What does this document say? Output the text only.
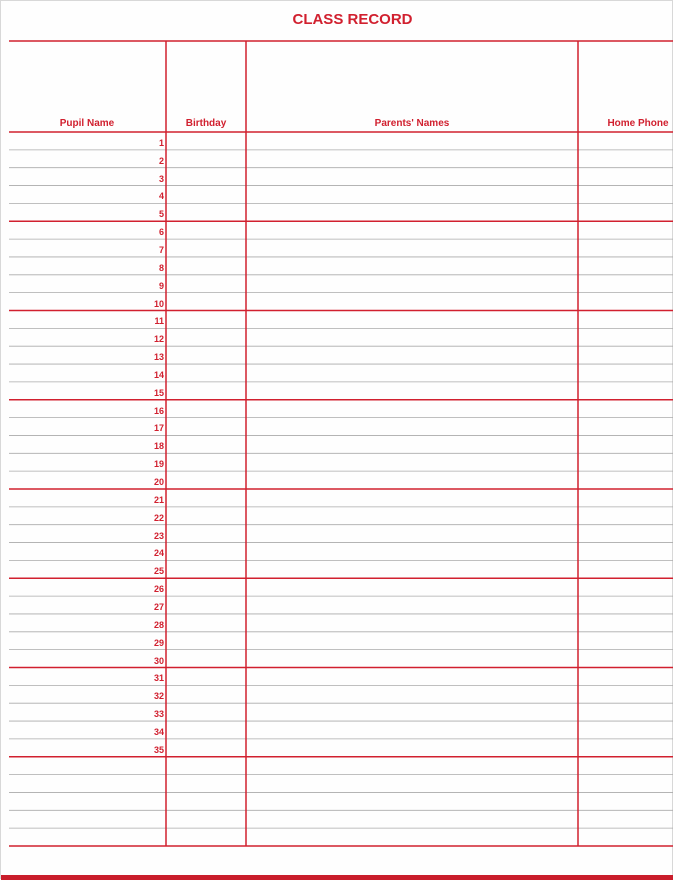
CLASS RECORD
Pupil Name	Birthday	Parents' Names	Home Phone
1
2
3
4
5
6
7
8
9
10
11
12
13
14
15
16
17
18
19
20
21
22
23
24
25
26
27
28
29
30
31
32
33
34
35
